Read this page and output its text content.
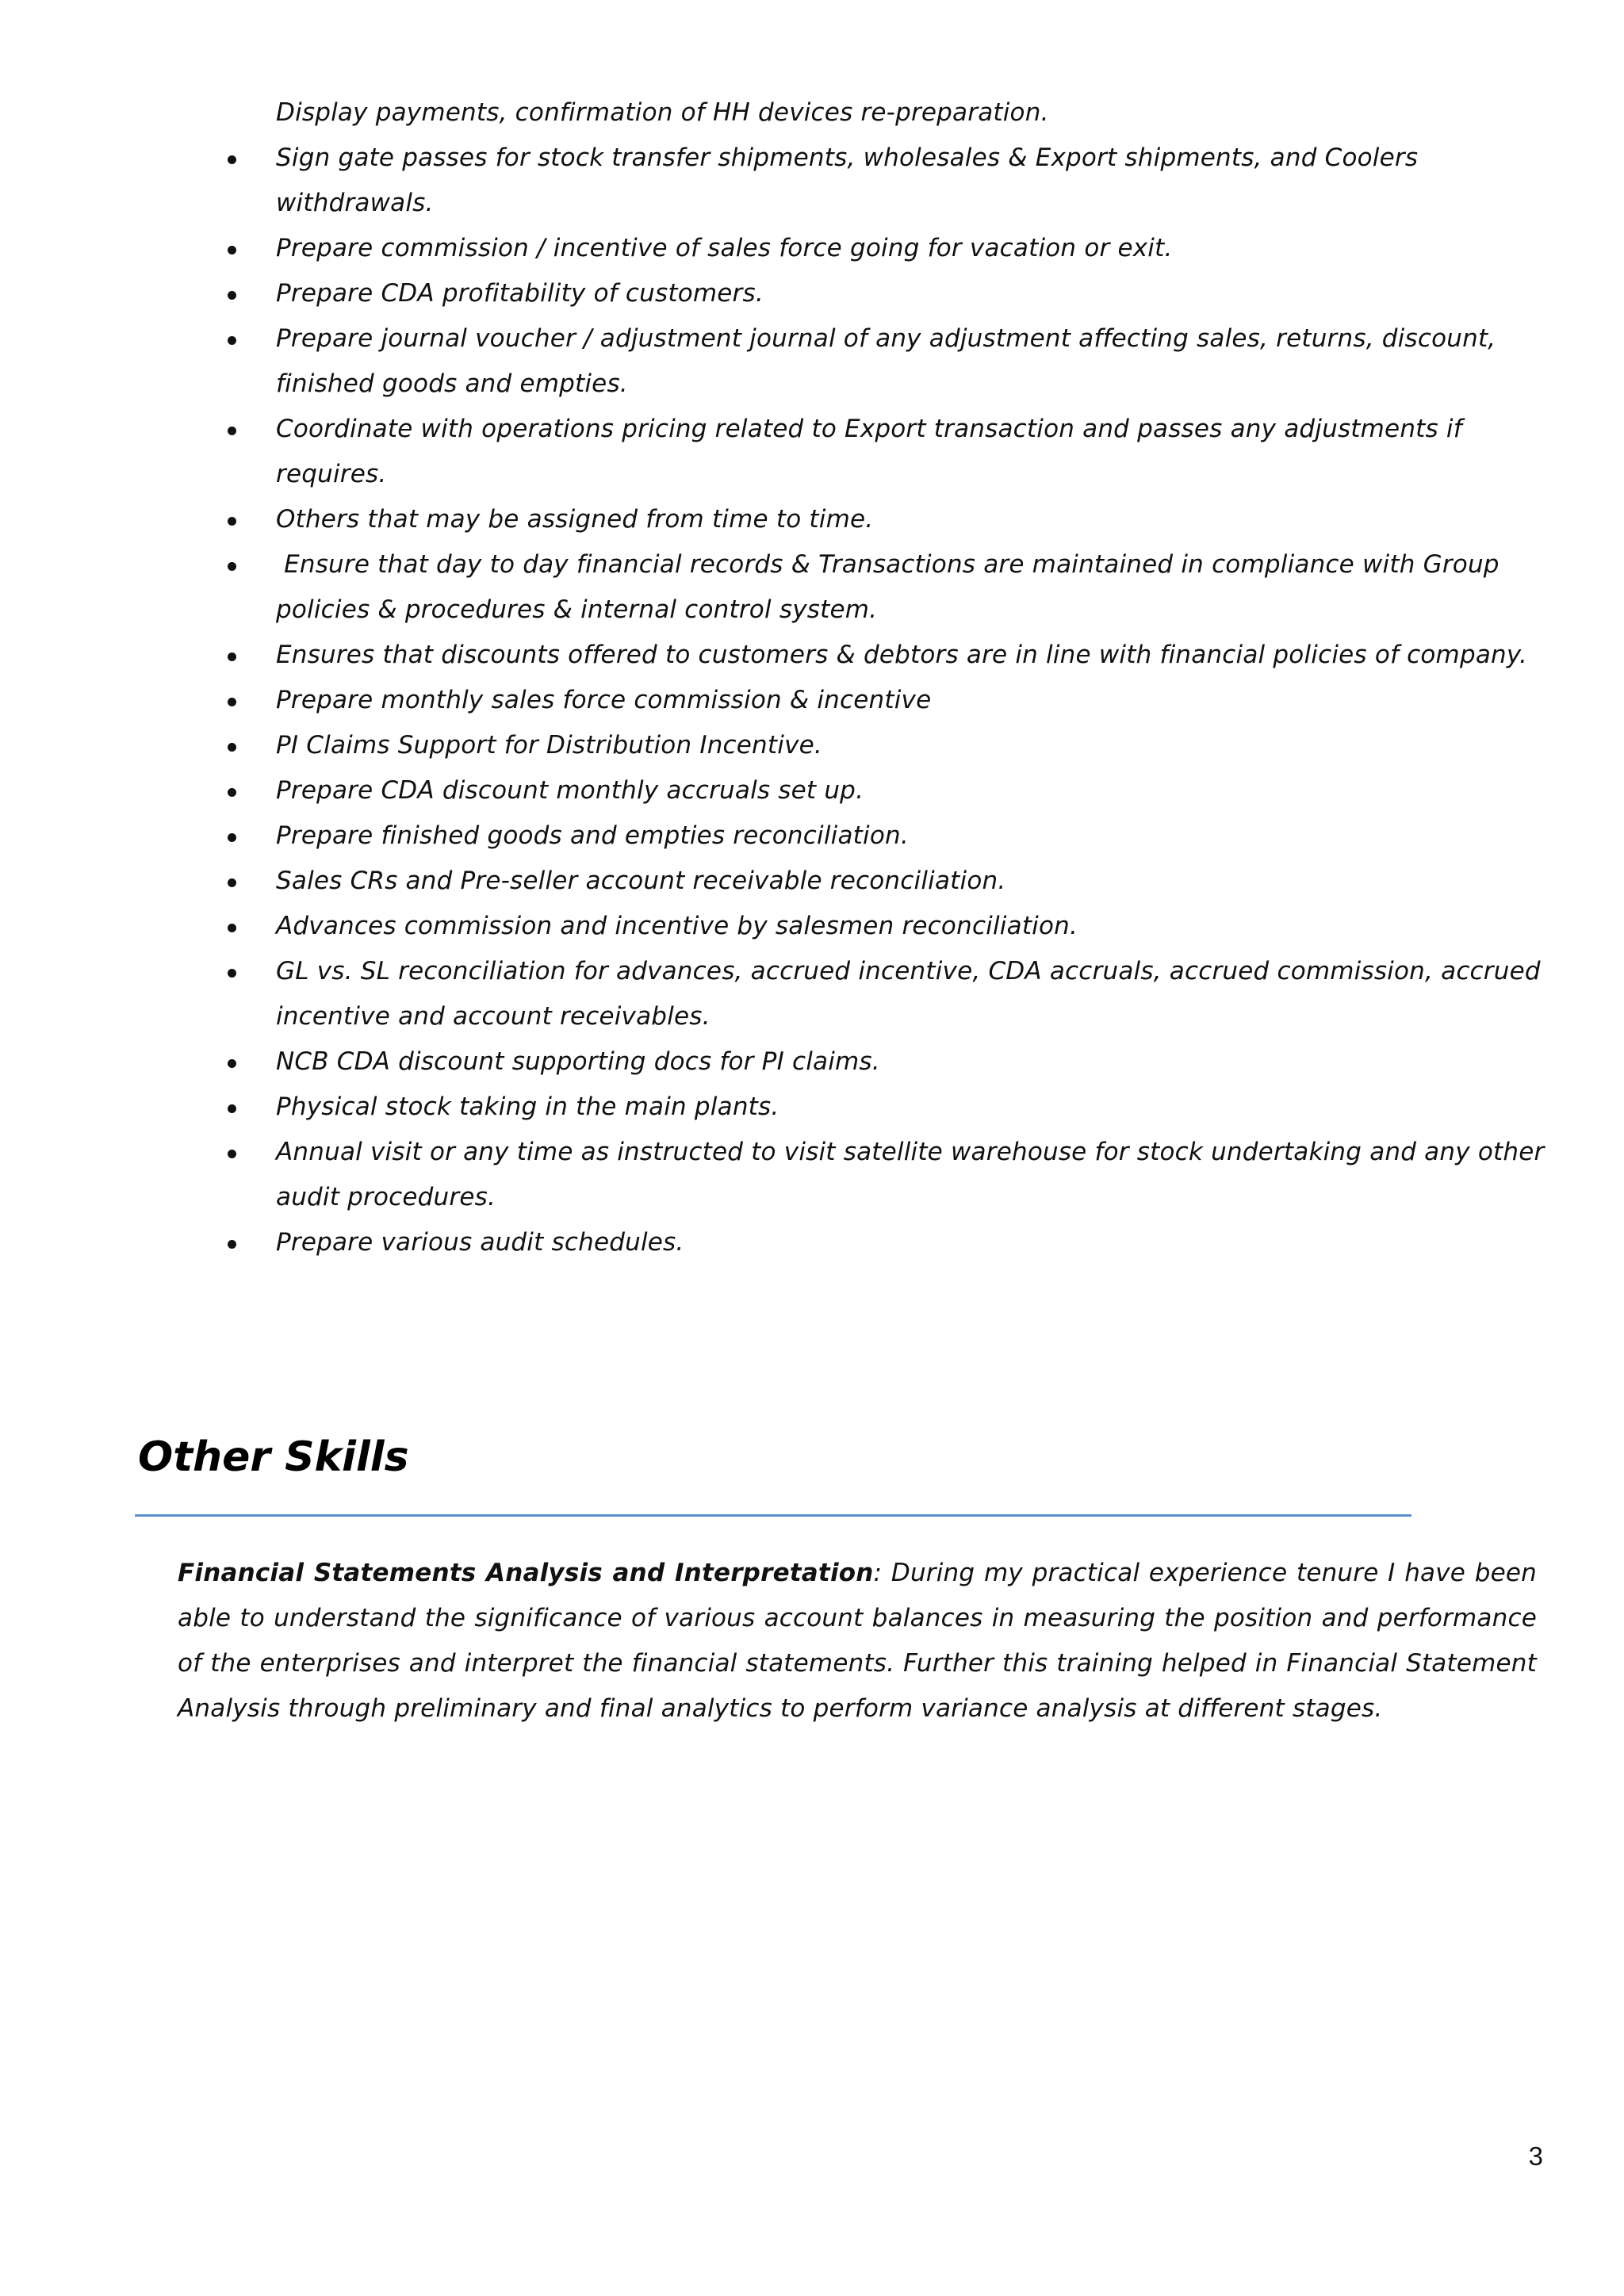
Display payments, confirmation of HH devices re-preparation.

Sign gate passes for stock transfer shipments, wholesales & Export shipments, and Coolers withdrawals.
Prepare commission / incentive of sales force going for vacation or exit.
Prepare CDA profitability of customers.
Prepare journal voucher / adjustment journal of any adjustment affecting sales, returns, discount, finished goods and empties.
Coordinate with operations pricing related to Export transaction and passes any adjustments if requires.
Others that may be assigned from time to time.
Ensure that day to day financial records & Transactions are maintained in compliance with Group policies & procedures & internal control system.
Ensures that discounts offered to customers & debtors are in line with financial policies of company.
Prepare monthly sales force commission & incentive
PI Claims Support for Distribution Incentive.
Prepare CDA discount monthly accruals set up.
Prepare finished goods and empties reconciliation.
Sales CRs and Pre-seller account receivable reconciliation.
Advances commission and incentive by salesmen reconciliation.
GL vs. SL reconciliation for advances, accrued incentive, CDA accruals, accrued commission, accrued incentive and account receivables.
NCB CDA discount supporting docs for PI claims.
Physical stock taking in the main plants.
Annual visit or any time as instructed to visit satellite warehouse for stock undertaking and any other audit procedures.
Prepare various audit schedules.
Other Skills

Financial Statements Analysis and Interpretation: During my practical experience tenure I have been able to understand the significance of various account balances in measuring the position and performance of the enterprises and interpret the financial statements. Further this training helped in Financial Statement Analysis through preliminary and final analytics to perform variance analysis at different stages.

3
